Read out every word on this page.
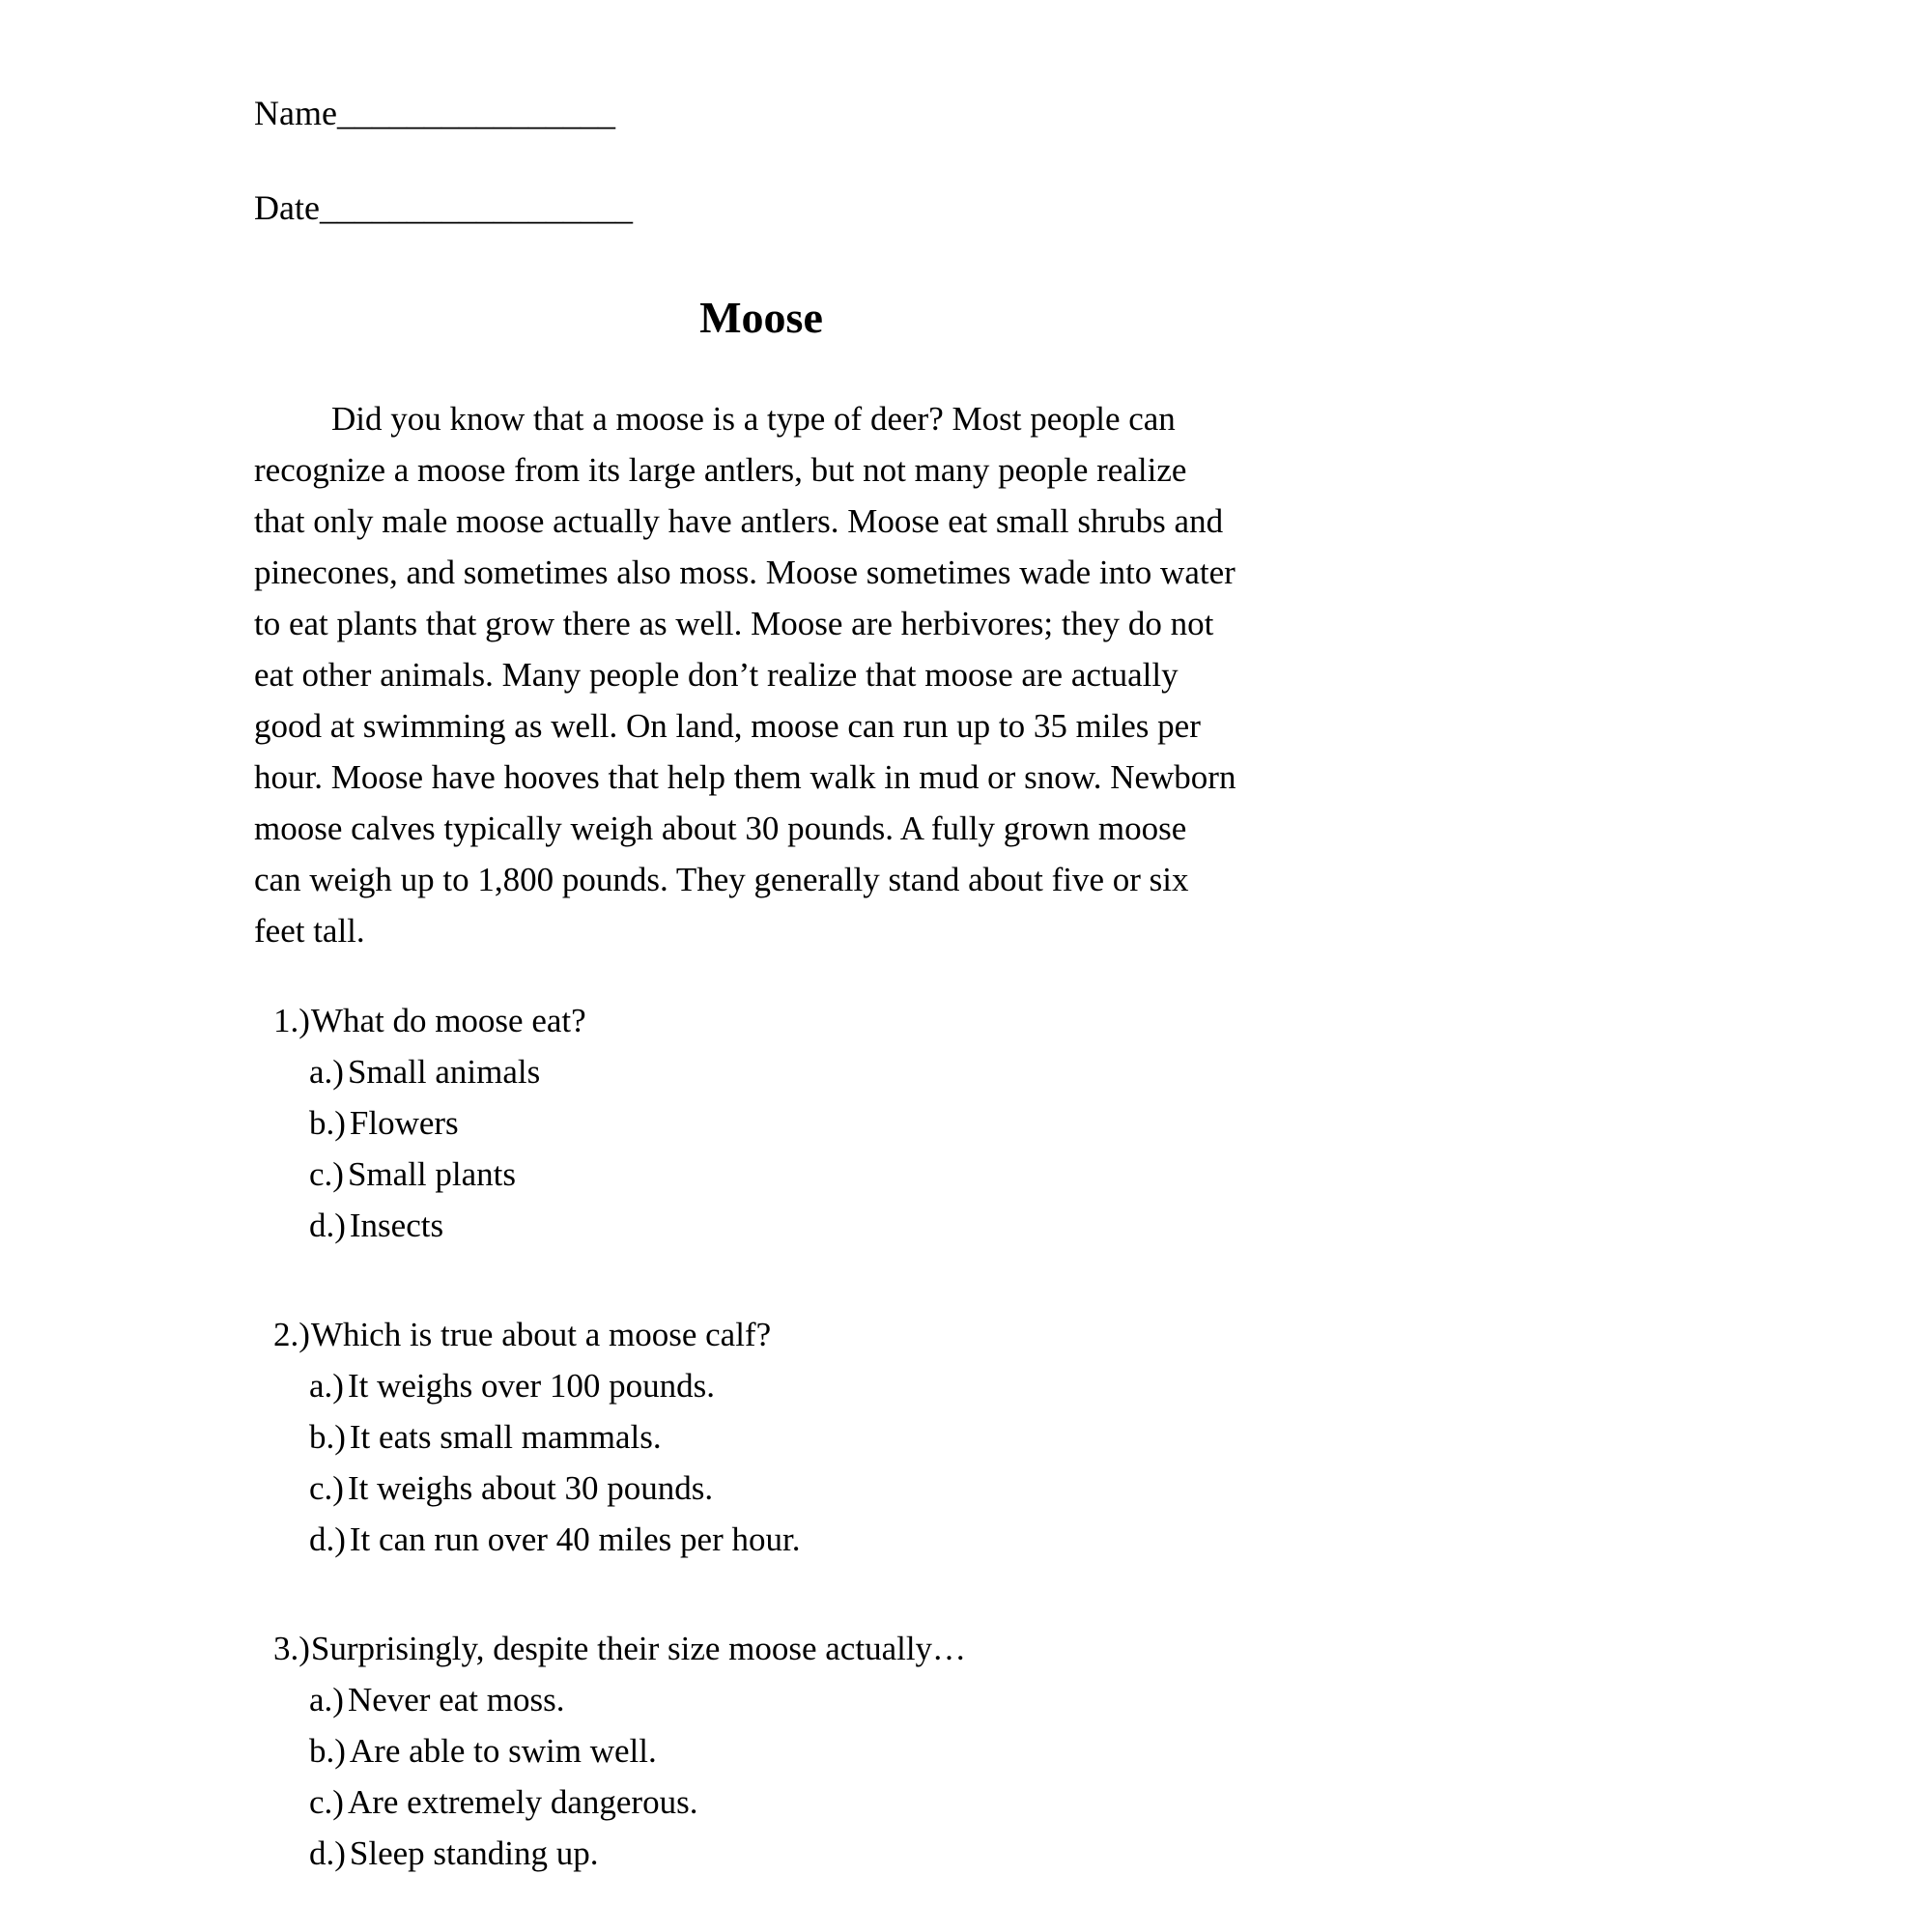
Name________________
Date__________________
Moose
Did you know that a moose is a type of deer? Most people can
recognize a moose from its large antlers, but not many people realize
that only male moose actually have antlers. Moose eat small shrubs and
pinecones, and sometimes also moss. Moose sometimes wade into water
to eat plants that grow there as well. Moose are herbivores; they do not
eat other animals. Many people don’t realize that moose are actually
good at swimming as well. On land, moose can run up to 35 miles per
hour. Moose have hooves that help them walk in mud or snow. Newborn
moose calves typically weigh about 30 pounds. A fully grown moose
can weigh up to 1,800 pounds. They generally stand about five or six
feet tall.
1.)What do moose eat?
a.) Small animals
b.) Flowers
c.) Small plants
d.) Insects
2.)Which is true about a moose calf?
a.) It weighs over 100 pounds.
b.) It eats small mammals.
c.) It weighs about 30 pounds.
d.) It can run over 40 miles per hour.
3.)Surprisingly, despite their size moose actually…
a.) Never eat moss.
b.) Are able to swim well.
c.) Are extremely dangerous.
d.) Sleep standing up.
